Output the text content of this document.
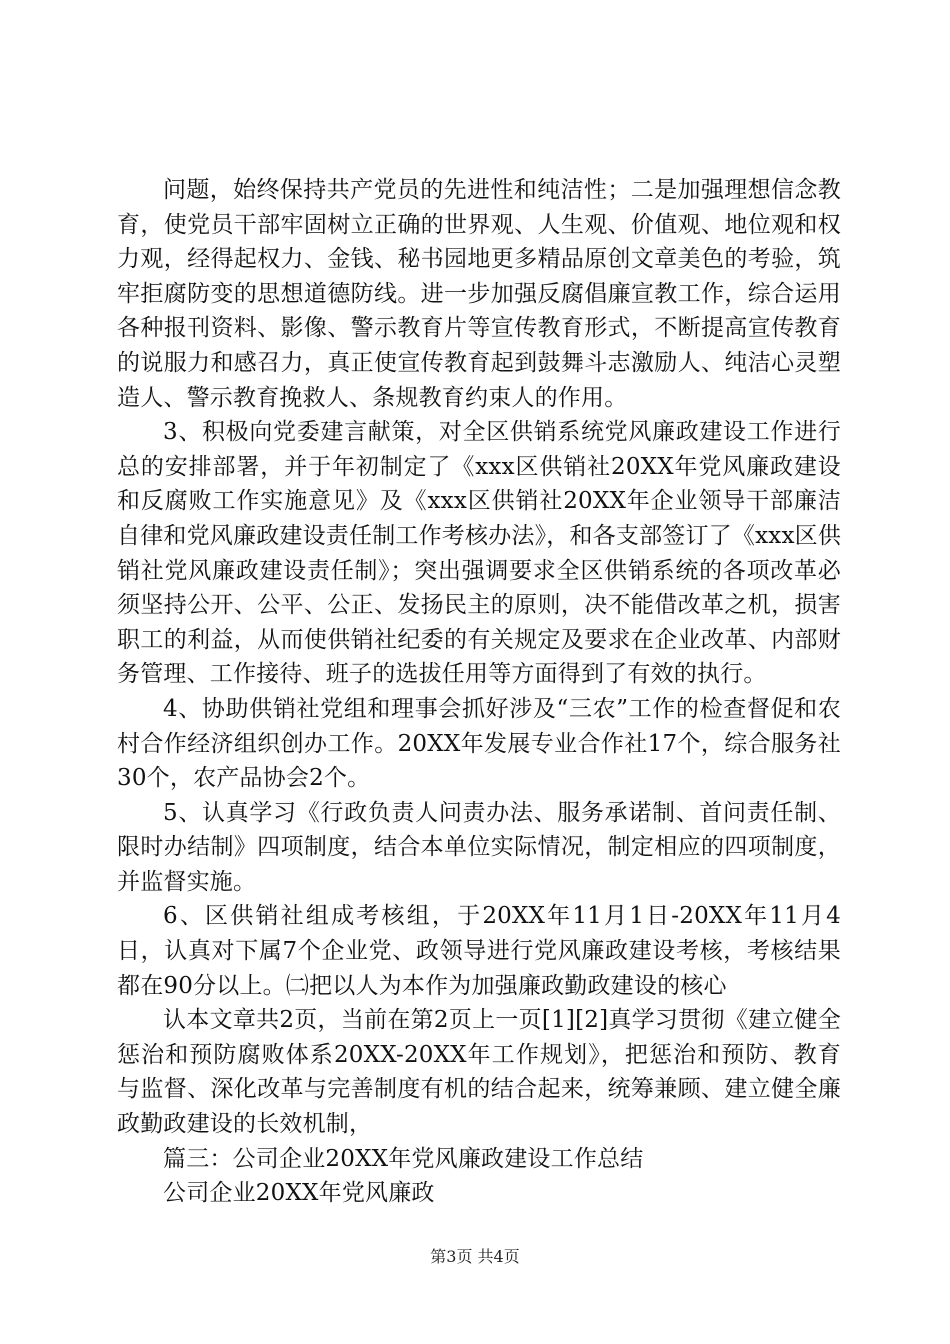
问题，始终保持共产党员的先进性和纯洁性；二是加强理想信念教育，使党员干部牢固树立正确的世界观、人生观、价值观、地位观和权力观，经得起权力、金钱、秘书园地更多精品原创文章美色的考验，筑牢拒腐防变的思想道德防线。进一步加强反腐倡廉宣教工作，综合运用各种报刊资料、影像、警示教育片等宣传教育形式，不断提高宣传教育的说服力和感召力，真正使宣传教育起到鼓舞斗志激励人、纯洁心灵塑造人、警示教育挽救人、条规教育约束人的作用。

3、积极向党委建言献策，对全区供销系统党风廉政建设工作进行总的安排部署，并于年初制定了《xxx区供销社20XX年党风廉政建设和反腐败工作实施意见》及《xxx区供销社20XX年企业领导干部廉洁自律和党风廉政建设责任制工作考核办法》，和各支部签订了《xxx区供销社党风廉政建设责任制》；突出强调要求全区供销系统的各项改革必须坚持公开、公平、公正、发扬民主的原则，决不能借改革之机，损害职工的利益，从而使供销社纪委的有关规定及要求在企业改革、内部财务管理、工作接待、班子的选拔任用等方面得到了有效的执行。

4、协助供销社党组和理事会抓好涉及“三农”工作的检查督促和农村合作经济组织创办工作。20XX年发展专业合作社17个，综合服务社30个，农产品协会2个。

5、认真学习《行政负责人问责办法、服务承诺制、首问责任制、限时办结制》四项制度，结合本单位实际情况，制定相应的四项制度，并监督实施。

6、区供销社组成考核组，于20XX年11月1日-20XX年11月4日，认真对下属7个企业党、政领导进行党风廉政建设考核，考核结果都在90分以上。㈡把以人为本作为加强廉政勤政建设的核心

认本文章共2页，当前在第2页上一页[1][2]真学习贯彻《建立健全惩治和预防腐败体系20XX-20XX年工作规划》，把惩治和预防、教育与监督、深化改革与完善制度有机的结合起来，统筹兼顾、建立健全廉政勤政建设的长效机制，

篇三：公司企业20XX年党风廉政建设工作总结

公司企业20XX年党风廉政

第3页 共4页
